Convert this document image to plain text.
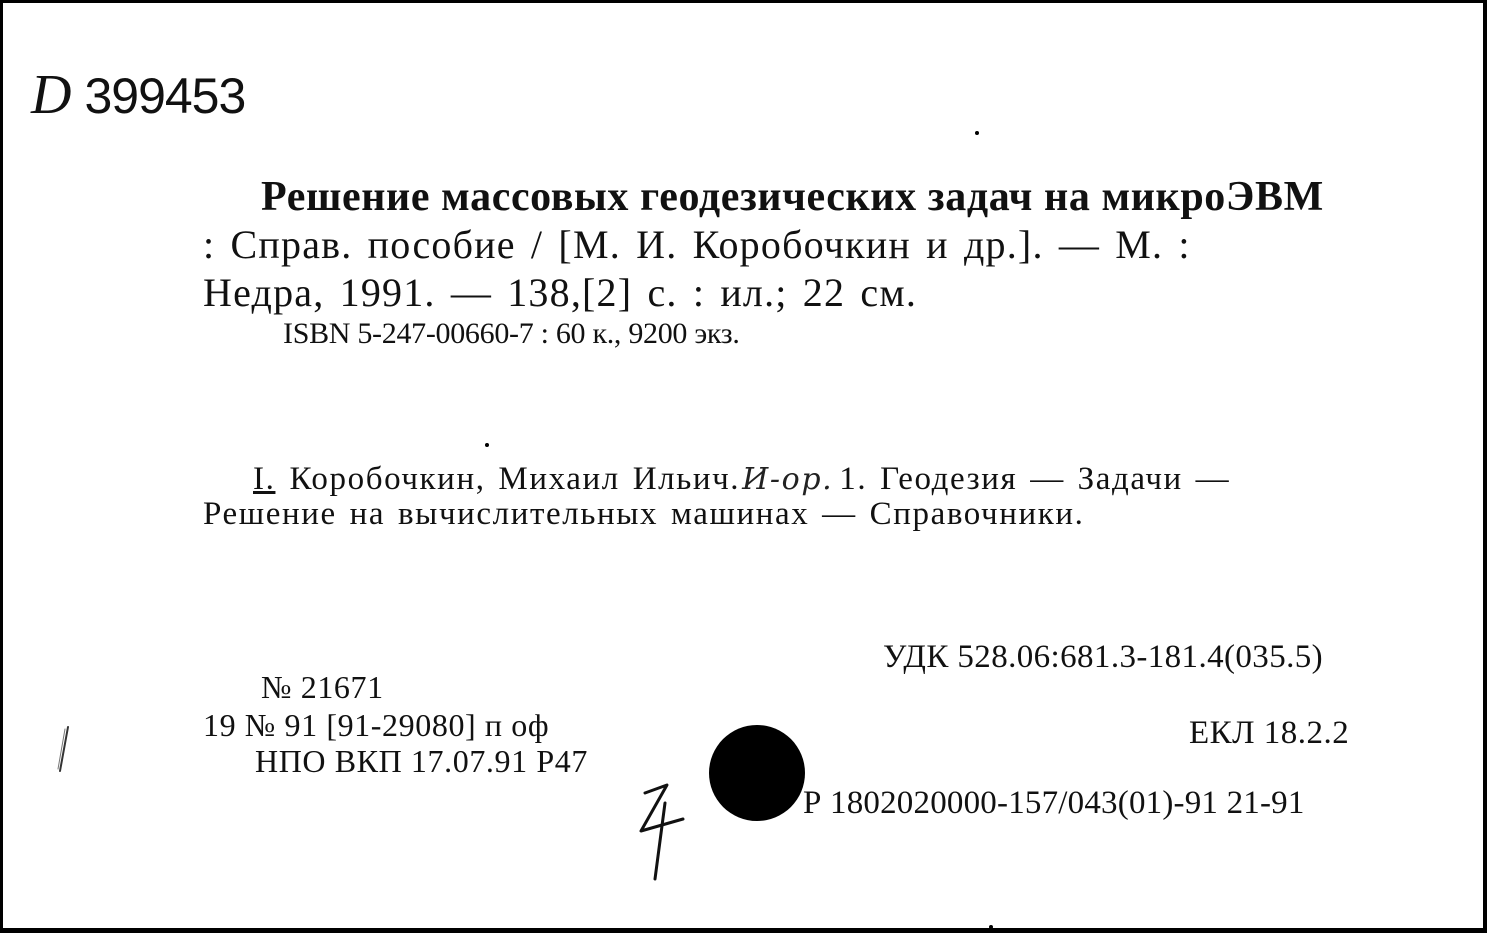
D 399453
Решение массовых геодезических задач на микроЭВМ
: Справ. пособие / [М. И. Коробочкин и др.]. — М. :
Недра, 1991. — 138,[2] с. : ил.; 22 см.
ISBN 5-247-00660-7 : 60 к., 9200 экз.
I. Коробочкин, Михаил Ильич.И-ор. 1. Геодезия — Задачи —
Решение на вычислительных машинах — Справочники.
УДК 528.06:681.3-181.4(035.5)
ЕКЛ 18.2.2
Р 1802020000-157/043(01)-91 21-91
№ 21671
19 № 91 [91-29080] п оф
НПО ВКП 17.07.91 Р47
